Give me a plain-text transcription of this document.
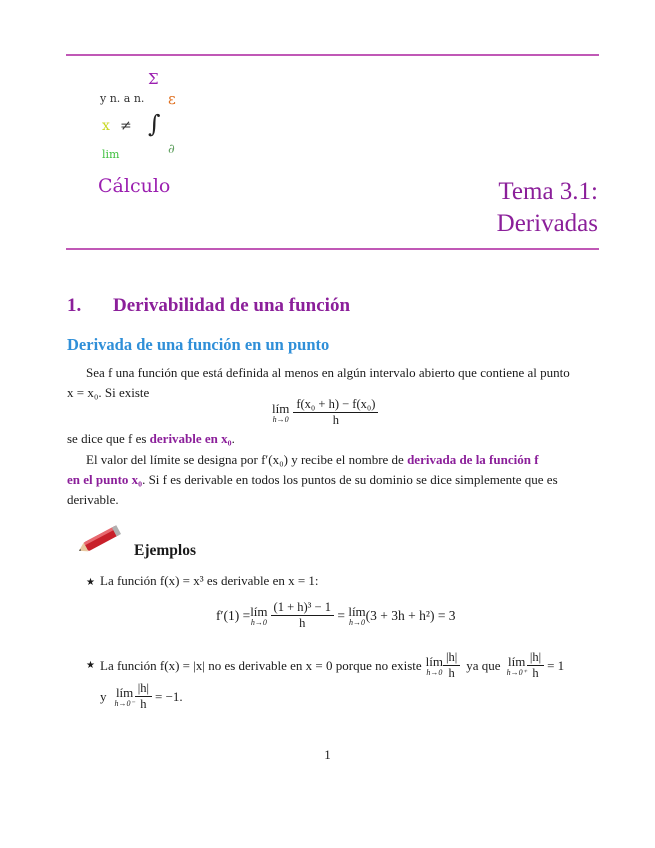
Σ
y n. a n. ε
x ≠ ∫
lim	∂
Cálculo	Tema 3.1:
Derivadas
1. Derivabilidad de una función
Derivada de una función en un punto
Sea f una función que está definida al menos en algún intervalo abierto que contiene al punto
x = x₀. Si existe
lím
$h\to 0 \frac{\text{f(x₀ + h) − f(x₀)}}{h}$
se dice que f es derivable en x₀.
El valor del límite se designa por f′(x₀) y recibe el nombre de derivada de la función f
en el punto x₀. Si f es derivable en todos los puntos de su dominio se dice simplemente que es
derivable.
Ejemplos
★ La función f(x) = x³ es derivable en x = 1:
f′(1) = lím
$h\to 0 \frac{\text{(1 + h)³ − 1}}{h}$ = lím
h→0 (3 + 3h + h²) = 3
★ La función f(x) = |x| no es derivable en x = 0 porque no existe lím
$h\to 0 \frac{|h|}{h}$ ya que lím
$h\to 0^+ \frac{|h|}{h} = 1$
y lím
$h\to 0^- \frac{|h|}{h} = -1$.
1
